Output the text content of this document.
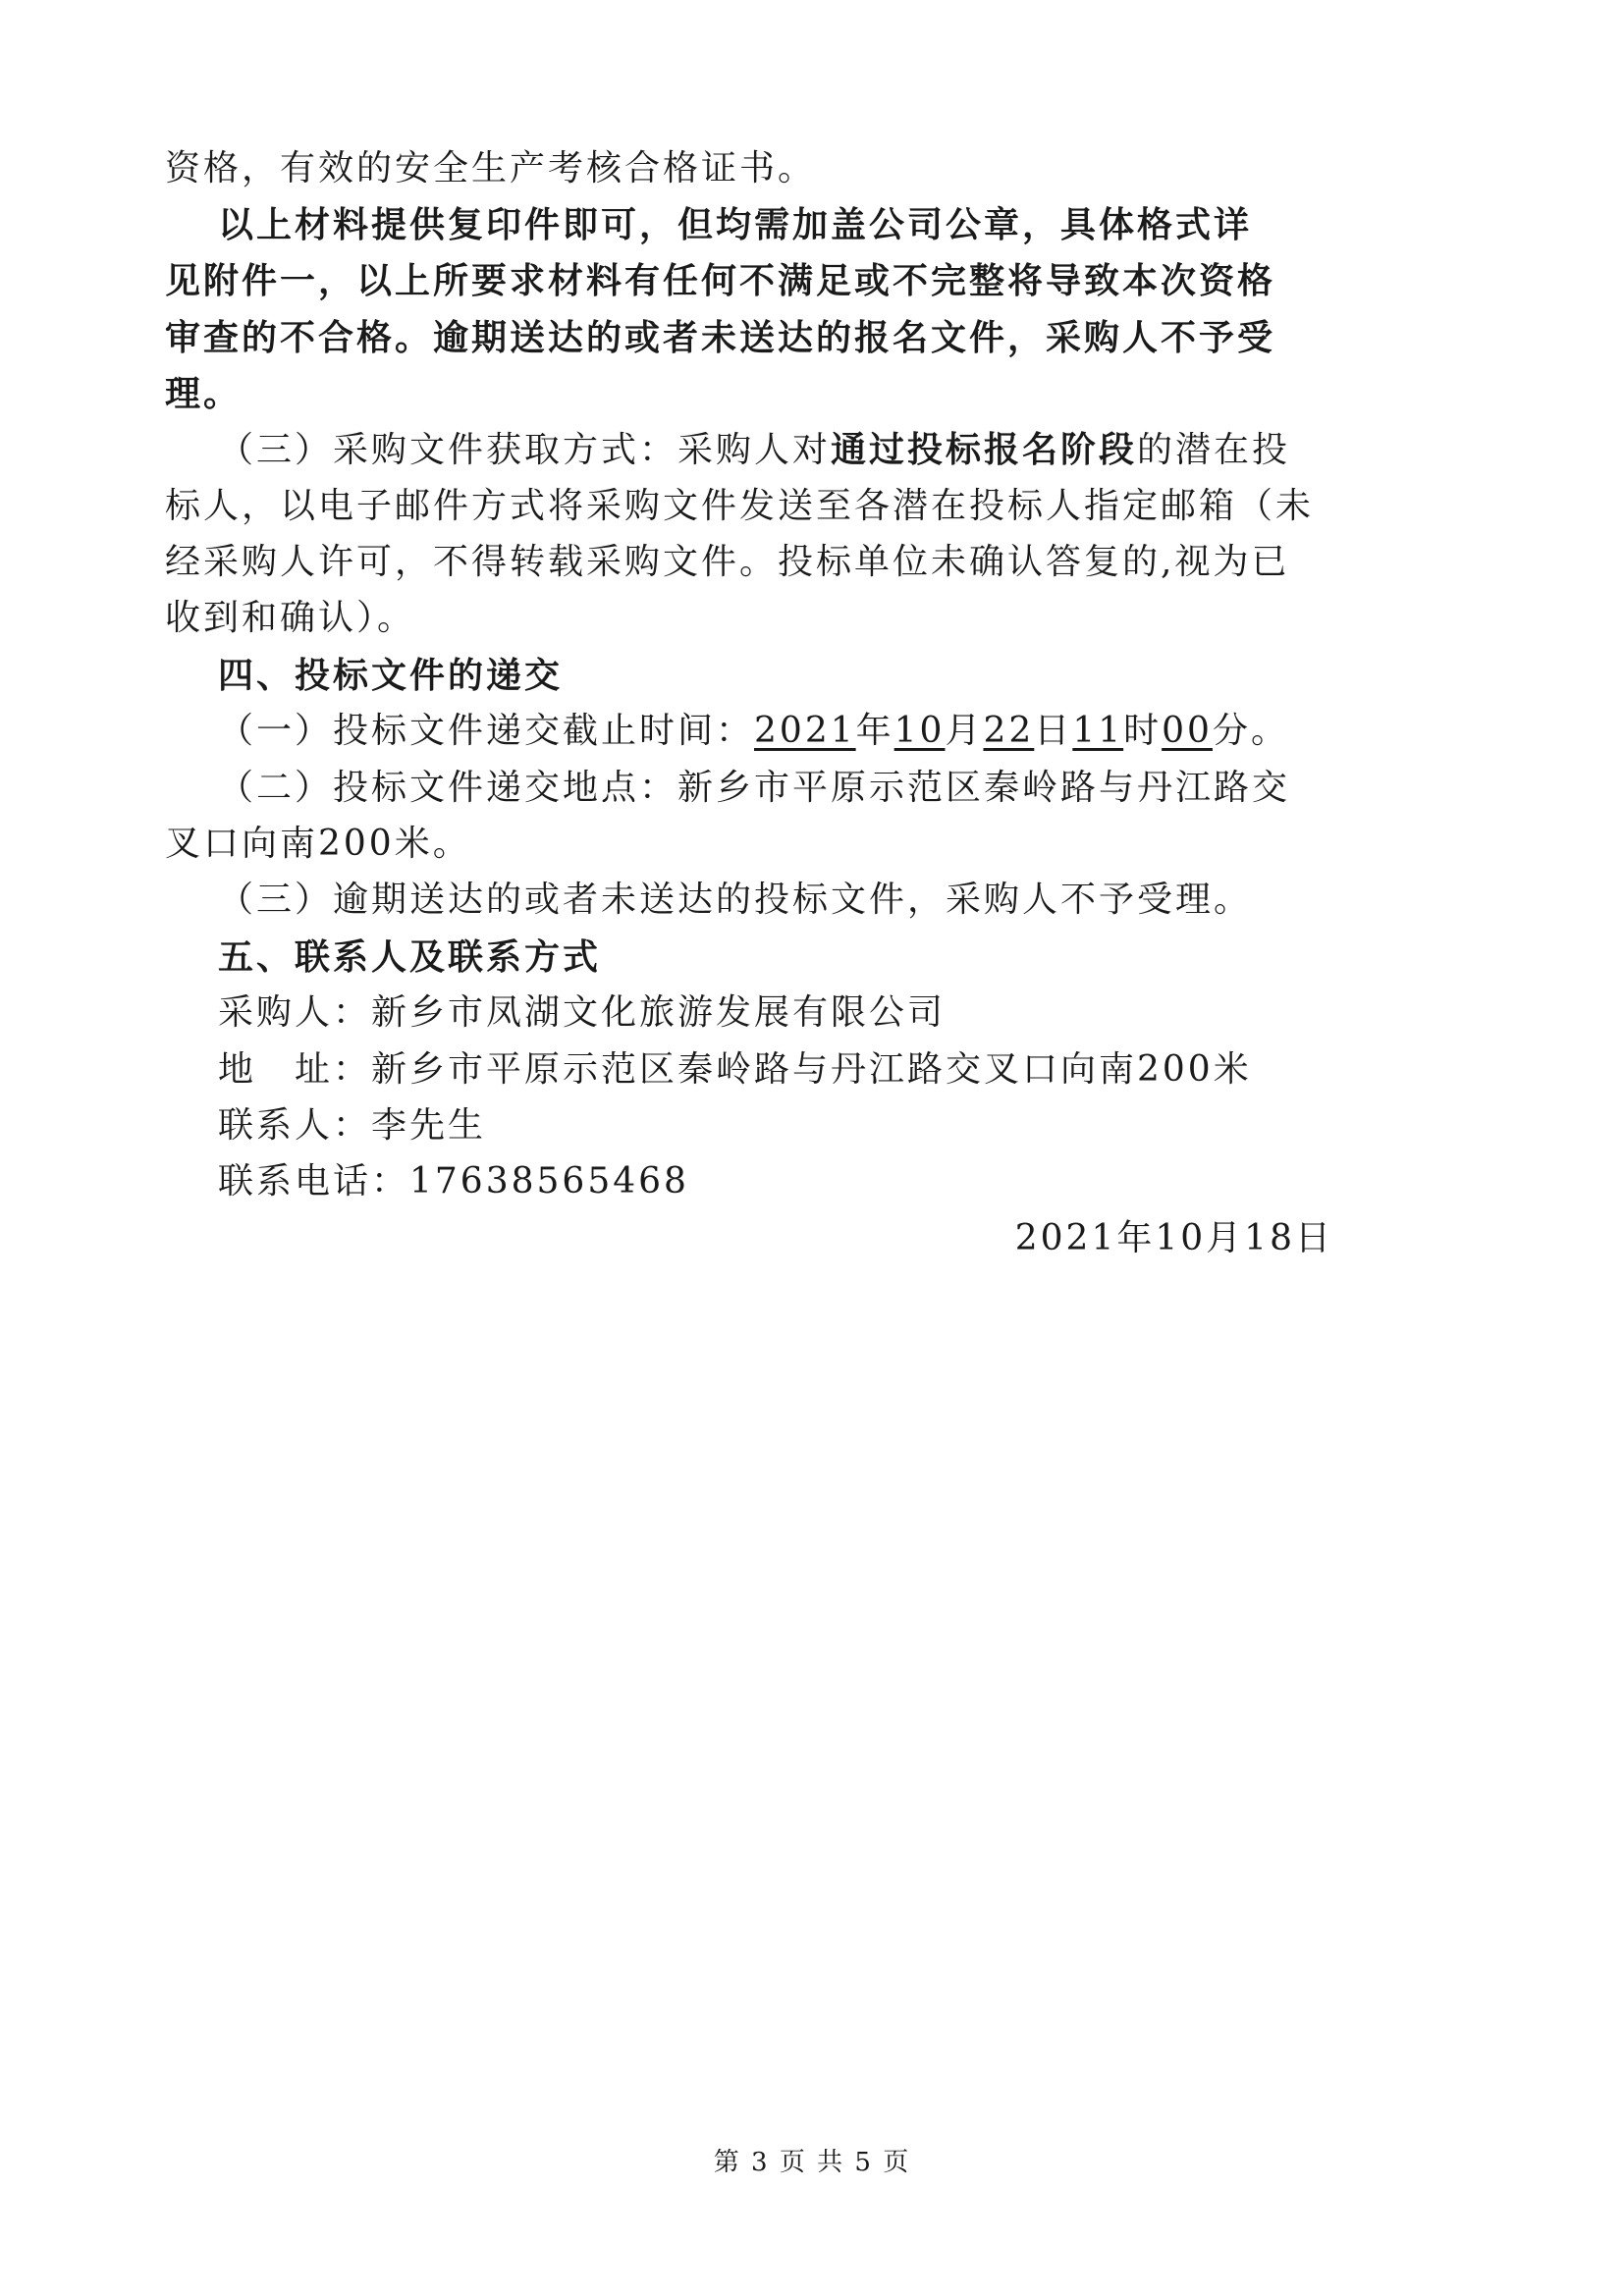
资格，有效的安全生产考核合格证书。
以上材料提供复印件即可，但均需加盖公司公章，具体格式详
见附件一，以上所要求材料有任何不满足或不完整将导致本次资格
审查的不合格。逾期送达的或者未送达的报名文件，采购人不予受
理。
（三）采购文件获取方式：采购人对通过投标报名阶段的潜在投
标人，以电子邮件方式将采购文件发送至各潜在投标人指定邮箱（未
经采购人许可，不得转载采购文件。投标单位未确认答复的,视为已
收到和确认）。
四、投标文件的递交
（一）投标文件递交截止时间：2021年10月22日11时00分。
（二）投标文件递交地点：新乡市平原示范区秦岭路与丹江路交
叉口向南200米。
（三）逾期送达的或者未送达的投标文件，采购人不予受理。
五、联系人及联系方式
采购人：新乡市凤湖文化旅游发展有限公司
地　址：新乡市平原示范区秦岭路与丹江路交叉口向南200米
联系人：李先生
联系电话：17638565468
2021年10月18日
第 3 页 共 5 页
